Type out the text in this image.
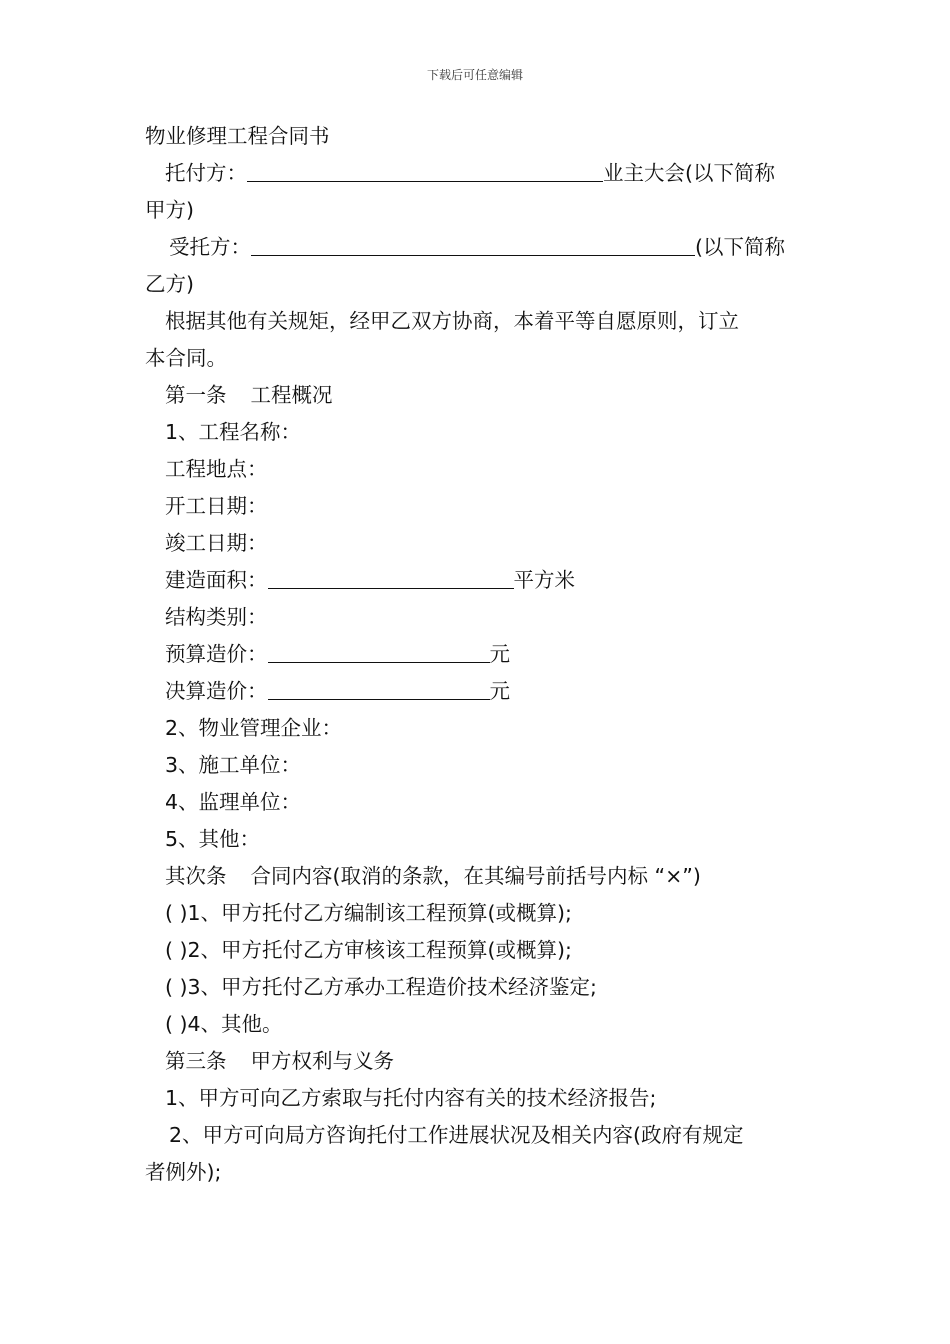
下载后可任意编辑
物业修理工程合同书
托付方：	业主大会(以下简称
甲方)
受托方：	(以下简称
乙方)
根据其他有关规矩，经甲乙双方协商，本着平等自愿原则，订立
本合同。
第一条 工程概况
1、工程名称：
工程地点：
开工日期：
竣工日期：
建造面积：	平方米
结构类别：
预算造价：	元
决算造价：	元
2、物业管理企业：
3、施工单位：
4、监理单位：
5、其他：
其次条 合同内容(取消的条款，在其编号前括号内标 “×”)
( )1、甲方托付乙方编制该工程预算(或概算);
( )2、甲方托付乙方审核该工程预算(或概算);
( )3、甲方托付乙方承办工程造价技术经济鉴定;
( )4、其他。
第三条 甲方权利与义务
1、甲方可向乙方索取与托付内容有关的技术经济报告;
2、甲方可向局方咨询托付工作进展状况及相关内容(政府有规定
者例外);
